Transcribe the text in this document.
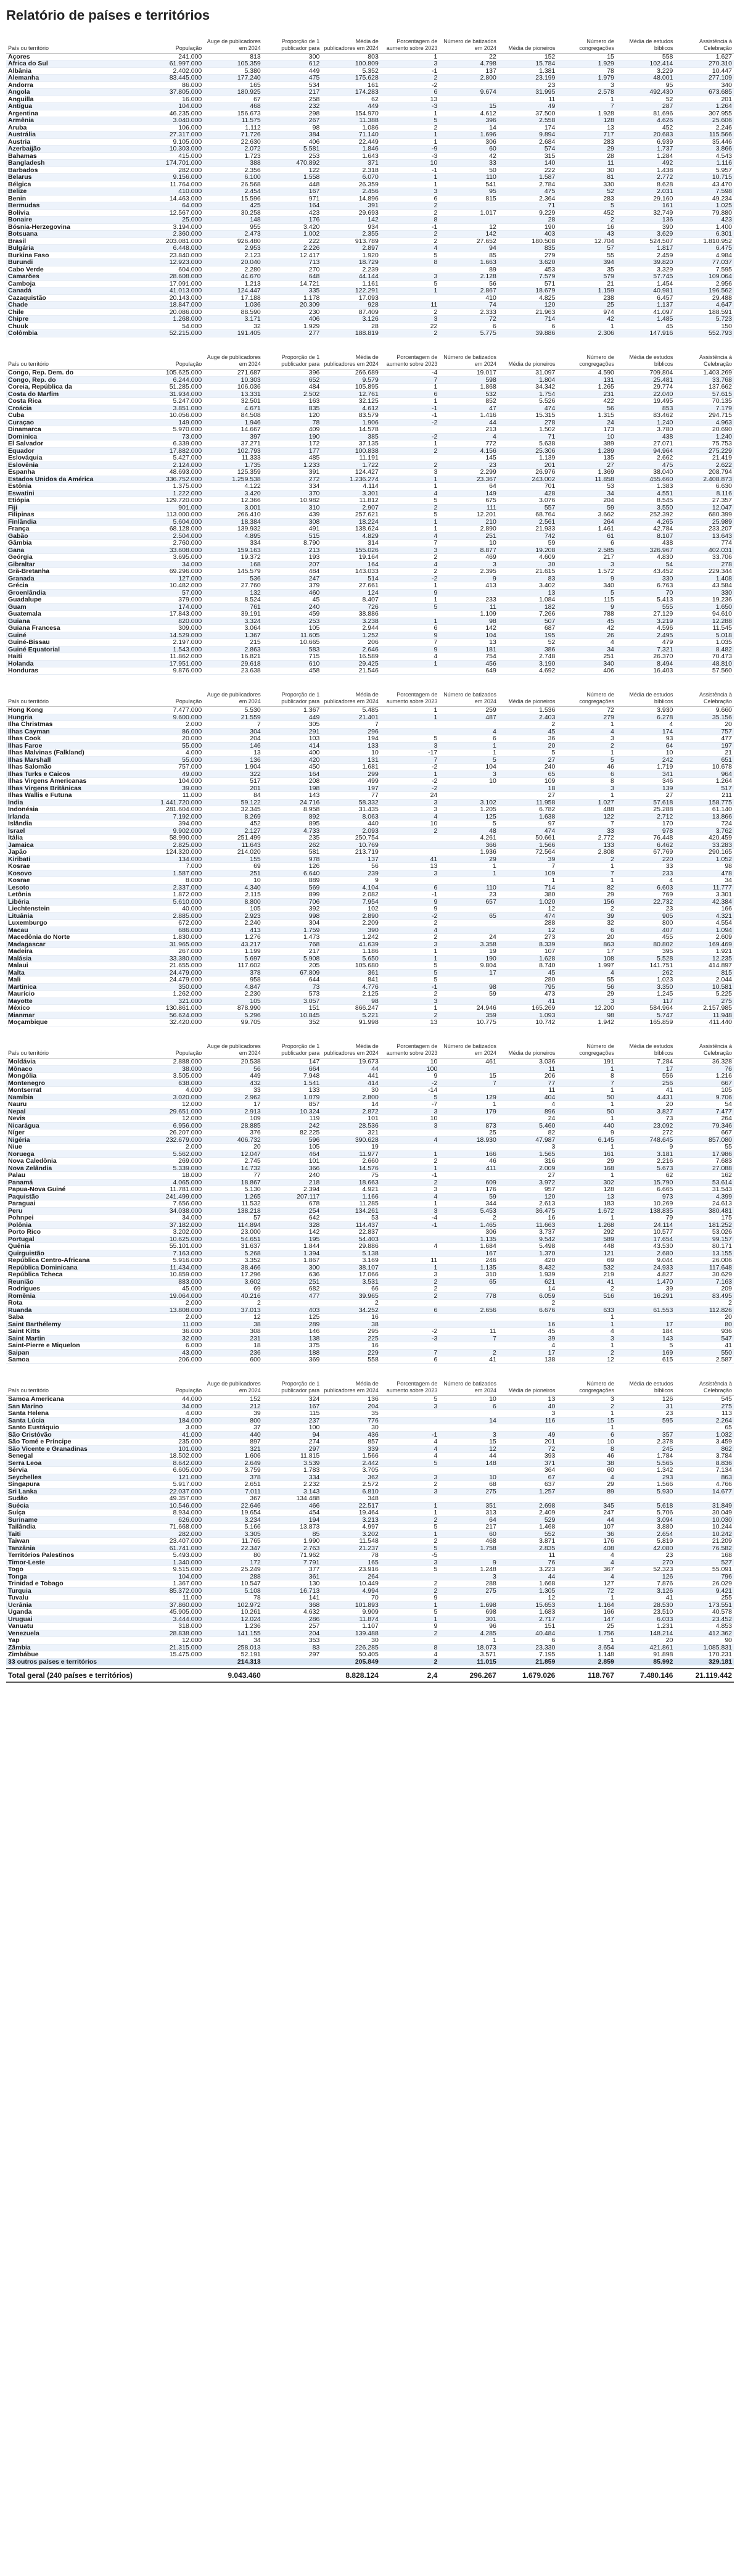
Relatório de países e territórios
País ou território	População	Auge de publicadores em 2024	Proporção de 1 publicador para	Média de publicadores em 2024	Porcentagem de aumento sobre 2023	Número de batizados em 2024	Média de pioneiros	Número de congregações	Média de estudos bíblicos	Assistência à Celebração
Açores	241.000	813	300	803	1	22	152	15	558	1.627
África do Sul	61.997.000	105.359	612	100.809	3	4.798	15.784	1.929	102.414	270.310
Albânia	2.402.000	5.380	449	5.352	-1	137	1.381	78	3.229	10.447
Alemanha	83.445.000	177.240	475	175.628	2	2.800	23.199	1.979	48.001	277.109
Andorra	86.000	165	534	161	-2		23	3	95	340
Angola	37.805.000	180.925	217	174.283	6	9.674	31.995	2.578	492.430	673.685
Anguilla	16.000	67	258	62	13		11	1	52	201
Antígua	104.000	468	232	449	-3	15	49	7	287	1.264
Argentina	46.235.000	156.673	298	154.970	1	4.612	37.500	1.928	81.696	307.955
Armênia	3.040.000	11.575	267	11.388	5	396	2.558	128	4.626	25.606
Aruba	106.000	1.112	98	1.086	2	14	174	13	452	2.246
Austrália	27.317.000	71.726	384	71.140	1	1.696	9.894	717	20.683	115.566
Áustria	9.105.000	22.630	406	22.449	1	306	2.684	283	6.939	35.446
Azerbaijão	10.303.000	2.072	5.581	1.846	-9	60	574	29	1.737	3.866
Bahamas	415.000	1.723	253	1.643	-3	42	315	28	1.284	4.543
Bangladesh	174.701.000	388	470.892	371	10	33	140	11	492	1.116
Barbados	282.000	2.356	122	2.318	-1	50	222	30	1.438	5.957
Belarus	9.156.000	6.100	1.558	6.070	1	110	1.587	81	2.772	10.715
Bélgica	11.764.000	26.568	448	26.359	1	541	2.784	330	8.628	43.470
Belize	410.000	2.454	167	2.456	3	95	475	52	2.031	7.598
Benin	14.463.000	15.596	971	14.896	6	815	2.364	283	29.160	49.234
Bermudas	64.000	425	164	391	2		71	5	161	1.025
Bolívia	12.567.000	30.258	423	29.693	2	1.017	9.229	452	32.749	79.880
Bonaire	25.000	148	176	142	8		28	2	136	423
Bósnia-Herzegovina	3.194.000	955	3.420	934	-1	12	190	16	390	1.400
Botsuana	2.360.000	2.473	1.002	2.355	2	142	403	43	3.629	6.301
Brasil	203.081.000	926.480	222	913.789	2	27.652	180.508	12.704	524.507	1.810.952
Bulgária	6.448.000	2.953	2.226	2.897	4	94	835	57	1.817	6.475
Burkina Faso	23.840.000	2.123	12.417	1.920	5	85	279	55	2.459	4.984
Burundi	12.923.000	20.040	713	18.729	8	1.663	3.620	394	39.820	77.037
Cabo Verde	604.000	2.280	270	2.239		89	453	35	3.329	7.595
Camarões	28.608.000	44.670	648	44.144	3	2.128	7.579	579	57.745	109.064
Camboja	17.091.000	1.213	14.721	1.161	5	56	571	21	1.454	2.956
Canadá	41.013.000	124.447	335	122.291	1	2.867	18.679	1.159	40.981	196.562
Cazaquistão	20.143.000	17.188	1.178	17.093		410	4.825	238	6.457	29.488
Chade	18.847.000	1.036	20.309	928	11	74	120	25	1.137	4.647
Chile	20.086.000	88.590	230	87.409	2	2.333	21.963	974	41.097	188.591
Chipre	1.268.000	3.171	406	3.126	3	72	714	42	1.485	5.723
Chuuk	54.000	32	1.929	28	22	6	6	1	45	150
Colômbia	52.215.000	191.405	277	188.819	2	5.775	39.886	2.306	147.916	552.793
País ou território	População	Auge de publicadores em 2024	Proporção de 1 publicador para	Média de publicadores em 2024	Porcentagem de aumento sobre 2023	Número de batizados em 2024	Média de pioneiros	Número de congregações	Média de estudos bíblicos	Assistência à Celebração
Congo, Rep. Dem. do	105.625.000	271.687	396	266.689	-4	19.017	31.097	4.590	709.804	1.403.269
Congo, Rep. do	6.244.000	10.303	652	9.579	7	598	1.804	131	25.481	33.768
Coreia, República da	51.285.000	106.036	484	105.895	1	1.868	34.342	1.265	29.774	137.662
Costa do Marfim	31.934.000	13.331	2.502	12.761	6	532	1.754	231	22.040	57.615
Costa Rica	5.247.000	32.501	163	32.125	1	852	5.526	422	19.495	70.135
Croácia	3.851.000	4.671	835	4.612	-1	47	474	56	853	7.179
Cuba	10.056.000	84.508	120	83.579	-1	1.416	15.315	1.315	83.462	294.715
Curaçao	149.000	1.946	78	1.906	-2	44	278	24	1.240	4.963
Dinamarca	5.970.000	14.667	409	14.578		213	1.502	173	3.780	20.690
Dominica	73.000	397	190	385	-2	4	71	10	438	1.240
El Salvador	6.339.000	37.271	172	37.135	1	772	5.638	389	27.071	75.753
Equador	17.882.000	102.793	177	100.838	2	4.156	25.306	1.289	94.964	275.229
Eslováquia	5.427.000	11.333	485	11.191		145	1.139	135	2.662	21.419
Eslovênia	2.124.000	1.735	1.233	1.722	2	23	201	27	475	2.622
Espanha	48.693.000	125.359	391	124.427	3	2.299	26.976	1.369	38.040	208.794
Estados Unidos da América	336.752.000	1.259.538	272	1.236.274	1	23.367	243.002	11.858	455.660	2.408.873
Estônia	1.375.000	4.122	334	4.114	1	64	701	53	1.383	6.630
Eswatini	1.222.000	3.420	370	3.301	4	149	428	34	4.551	8.116
Etiópia	129.720.000	12.366	10.982	11.812	5	675	3.076	204	8.545	27.357
Fiji	901.000	3.001	310	2.907	2	111	557	59	3.550	12.047
Filipinas	113.000.000	266.410	439	257.621	5	12.201	68.764	3.662	252.392	680.399
Finlândia	5.604.000	18.384	308	18.224	1	210	2.561	264	4.265	25.989
França	68.128.000	139.932	491	138.624	1	2.890	21.933	1.461	42.784	233.207
Gabão	2.504.000	4.895	515	4.829	4	251	742	61	8.107	13.643
Gâmbia	2.760.000	334	8.790	314	7	10	59	6	438	774
Gana	33.608.000	159.163	213	155.026	3	8.877	19.208	2.585	326.967	402.031
Geórgia	3.695.000	19.372	193	19.164	2	469	4.609	217	4.830	33.706
Gibraltar	34.000	168	207	164	4	3	30	3	54	278
Grã-Bretanha	69.296.000	145.579	484	143.033	2	2.395	21.615	1.572	43.452	229.344
Granada	127.000	536	247	514	-2	9	83	9	330	1.408
Grécia	10.482.000	27.760	379	27.661	1	413	3.402	340	6.763	43.584
Groenlândia	57.000	132	460	124	9		13	5	70	330
Guadalupe	379.000	8.524	45	8.407	1	233	1.084	115	5.413	19.236
Guam	174.000	761	240	726	5	11	182	9	555	1.650
Guatemala	17.843.000	39.191	459	38.886		1.109	7.266	788	27.129	94.610
Guiana	820.000	3.324	253	3.238	1	98	507	45	3.219	12.288
Guiana Francesa	309.000	3.064	105	2.944	6	142	687	42	4.596	11.545
Guiné	14.529.000	1.367	11.605	1.252	9	104	195	26	2.495	5.018
Guiné-Bissau	2.197.000	215	10.665	206	7	13	52	4	479	1.035
Guiné Equatorial	1.543.000	2.863	583	2.646	9	181	386	34	7.321	8.482
Haiti	11.862.000	16.821	715	16.589	4	754	2.748	251	26.370	70.473
Holanda	17.951.000	29.618	610	29.425	1	456	3.190	340	8.494	48.810
Honduras	9.876.000	23.638	458	21.546		649	4.692	406	16.403	57.560
País ou território	População	Auge de publicadores em 2024	Proporção de 1 publicador para	Média de publicadores em 2024	Porcentagem de aumento sobre 2023	Número de batizados em 2024	Média de pioneiros	Número de congregações	Média de estudos bíblicos	Assistência à Celebração
Hong Kong	7.477.000	5.530	1.367	5.485	1	259	1.536	72	3.930	9.660
Hungria	9.600.000	21.559	449	21.401	1	487	2.403	279	6.278	35.156
Ilha Christmas	2.000	7	305	7			2	1	4	20
Ilhas Cayman	86.000	304	291	296		4	45	4	174	757
Ilhas Cook	20.000	204	103	194	5	6	36	3	93	477
Ilhas Faroe	55.000	146	414	133	3	1	20	2	64	197
Ilhas Malvinas (Falkland)	4.000	13	400	10	-17	1	5	1	10	21
Ilhas Marshall	55.000	136	420	131	7	5	27	5	242	651
Ilhas Salomão	757.000	1.904	450	1.681	-2	104	240	46	1.719	10.678
Ilhas Turks e Caicos	49.000	322	164	299	1	3	65	6	341	964
Ilhas Virgens Americanas	104.000	517	208	499	-2	10	109	8	346	1.264
Ilhas Virgens Britânicas	39.000	201	198	197	-2		18	3	139	517
Ilhas Wallis e Futuna	11.000	84	143	77	24		27	1	27	211
Índia	1.441.720.000	59.122	24.716	58.332	3	3.102	11.958	1.027	57.618	158.775
Indonésia	281.604.000	32.345	8.958	31.435	3	1.205	6.782	488	25.288	61.140
Irlanda	7.192.000	8.269	892	8.063	4	125	1.638	122	2.712	13.866
Islândia	394.000	452	895	440	10	5	97	7	170	724
Israel	9.902.000	2.127	4.733	2.093	2	48	474	33	978	3.762
Itália	58.990.000	251.499	235	250.754		4.261	50.661	2.772	76.448	420.459
Jamaica	2.825.000	11.643	262	10.769		366	1.566	133	6.462	33.283
Japão	124.320.000	214.020	581	213.719		1.936	72.564	2.808	67.769	290.165
Kiribati	134.000	155	978	137	41	29	39	2	220	1.052
Kosrae	7.000	69	126	56	13	1	7	1	33	98
Kosovo	1.587.000	251	6.640	239	3	1	109	7	233	478
Kosrae	8.000	10	889	9			1	1	4	34
Lesoto	2.337.000	4.340	569	4.104	6	110	714	82	6.603	11.777
Letônia	1.872.000	2.115	899	2.082	-1	23	380	29	769	3.301
Libéria	5.610.000	8.800	706	7.954	9	657	1.020	156	22.732	42.384
Liechtenstein	40.000	105	392	102	9		12	2	23	166
Lituânia	2.885.000	2.923	998	2.890	-2	65	474	39	905	4.321
Luxemburgo	672.000	2.240	304	2.209	2		288	32	800	4.554
Macau	686.000	413	1.759	390	4		12	6	407	1.094
Macedônia do Norte	1.830.000	1.276	1.473	1.242	2	24	273	20	455	2.609
Madagascar	31.965.000	43.217	768	41.639	3	3.358	8.339	863	80.802	169.469
Madeira	267.000	1.199	217	1.186	1	19	107	17	395	1.921
Malásia	33.380.000	5.697	5.908	5.650	1	190	1.628	108	5.528	12.235
Malaui	21.655.000	117.602	205	105.680	5	9.804	8.740	1.997	141.751	414.897
Malta	24.479.000	378	67.809	361	5	17	45	4	262	815
Mali	24.479.000	958	644	841	5		280	55	1.023	2.044
Martinica	350.000	4.847	73	4.776	-1	98	795	56	3.350	10.581
Maurício	1.262.000	2.230	573	2.125	2	59	473	29	1.245	5.225
Mayotte	321.000	105	3.057	98	3		41	3	117	275
México	130.861.000	878.990	151	866.247	1	24.946	165.269	12.200	584.964	2.157.985
Mianmar	56.624.000	5.296	10.845	5.221	2	359	1.093	98	5.747	11.948
Moçambique	32.420.000	99.705	352	91.998	13	10.775	10.742	1.942	165.859	411.440
País ou território	População	Auge de publicadores em 2024	Proporção de 1 publicador para	Média de publicadores em 2024	Porcentagem de aumento sobre 2023	Número de batizados em 2024	Média de pioneiros	Número de congregações	Média de estudos bíblicos	Assistência à Celebração
Moldávia	2.888.000	20.538	147	19.673	10	461	3.036	191	7.284	36.328
Mônaco	38.000	56	664	44	100		11	1	17	76
Mongólia	3.505.000	449	7.948	441	9	15	206	8	556	1.216
Montenegro	638.000	432	1.541	414	-2	7	77	7	256	667
Montserrat	4.000	33	133	30	-14		11	1	41	105
Namíbia	3.020.000	2.962	1.079	2.800	5	129	404	50	4.431	9.706
Nauru	12.000	17	857	14	-7	1	4	1	20	54
Nepal	29.651.000	2.913	10.324	2.872	3	179	896	50	3.827	7.477
Nevis	12.000	109	119	101	10		24	1	73	264
Nicarágua	6.956.000	28.885	242	28.536	3	873	5.460	440	23.092	79.346
Níger	26.207.000	376	82.225	321		25	82	9	272	667
Nigéria	232.679.000	406.732	596	390.628	4	18.930	47.987	6.145	748.645	857.080
Niue	2.000	20	105	19			3	1	9	55
Noruega	5.562.000	12.047	464	11.977	1	166	1.565	161	3.181	17.986
Nova Caledônia	269.000	2.745	101	2.660	2	46	316	29	2.216	7.683
Nova Zelândia	5.339.000	14.732	366	14.576	1	411	2.009	168	5.673	27.088
Palau	18.000	77	240	75	-1		27	1	62	162
Panamá	4.065.000	18.867	218	18.663	2	609	3.972	302	15.790	53.614
Papua-Nova Guiné	11.781.000	5.130	2.394	4.921	3	176	957	128	6.665	31.543
Paquistão	241.499.000	1.265	207.117	1.166	4	59	120	13	973	4.399
Paraguai	7.656.000	11.532	678	11.285	1	344	2.613	183	10.269	24.613
Peru	34.038.000	138.218	254	134.261	3	5.453	36.475	1.672	138.835	380.481
Pohnpei	34.000	57	642	53	-4	2	16	1	79	175
Polônia	37.182.000	114.894	328	114.437	-1	1.465	11.663	1.268	24.114	181.252
Porto Rico	3.202.000	23.000	142	22.837		306	3.737	292	10.577	53.026
Portugal	10.625.000	54.651	195	54.403		1.135	9.542	589	17.654	99.157
Quênia	55.101.000	31.637	1.844	29.886	4	1.684	5.498	448	43.530	80.171
Quirguistão	7.163.000	5.268	1.394	5.138		167	1.370	121	2.680	13.155
República Centro-Africana	5.916.000	3.352	1.867	3.169	11	246	420	69	9.044	26.006
República Dominicana	11.434.000	38.466	300	38.107	1	1.135	8.432	532	24.933	117.648
República Tcheca	10.859.000	17.296	636	17.066	3	310	1.939	219	4.827	30.629
Reunião	883.000	3.602	251	3.531	2	65	621	41	1.470	7.163
Rodrigues	45.000	69	682	66	2		14	2	39	209
Romênia	19.064.000	40.216	477	39.965	2	778	6.059	516	16.291	83.495
Rota	2.000	2		2			2			2
Ruanda	13.808.000	37.013	403	34.252	6	2.656	6.676	633	61.553	112.826
Saba	2.000	12	125	16				1		20
Saint Barthélemy	11.000	38	289	38			16	1	17	80
Saint Kitts	36.000	308	146	295	-2	11	45	4	184	936
Saint Martin	32.000	231	138	225	-3	7	39	3	143	547
Saint-Pierre e Miquelon	6.000	18	375	16			4	1	5	41
Saipan	43.000	236	188	229	7	2	17	2	169	550
Samoa	206.000	600	369	558	6	41	138	12	615	2.587
País ou território	População	Auge de publicadores em 2024	Proporção de 1 publicador para	Média de publicadores em 2024	Porcentagem de aumento sobre 2023	Número de batizados em 2024	Média de pioneiros	Número de congregações	Média de estudos bíblicos	Assistência à Celebração
Samoa Americana	44.000	152	324	136	5	10	13	3	126	545
San Marino	34.000	212	167	204	3	6	40	2	31	275
Santa Helena	4.000	39	115	35			3	1	23	113
Santa Lúcia	184.000	800	237	776		14	116	15	595	2.264
Santo Eustáquio	3.000	37	100	30				1		65
São Cristóvão	41.000	440	94	436	-1	3	49	6	357	1.032
São Tomé e Príncipe	235.000	897	274	857	4	15	201	10	2.378	3.459
São Vicente e Granadinas	101.000	321	297	339	4	12	72	8	245	862
Senegal	18.502.000	1.606	11.815	1.566	4	44	393	46	1.784	3.784
Serra Leoa	8.642.000	2.649	3.539	2.442	5	148	371	38	5.565	8.836
Sérvia	6.605.000	3.759	1.783	3.705			364	60	1.342	7.134
Seychelles	121.000	378	334	362	3	10	67	4	293	863
Singapura	5.917.000	2.651	2.232	2.572	2	68	637	29	1.566	4.766
Sri Lanka	22.037.000	7.011	3.143	6.810	3	275	1.257	89	5.930	14.677
Sudão	49.357.000	367	134.488	348						
Suécia	10.546.000	22.646	466	22.517	1	351	2.698	345	5.618	31.849
Suíça	8.934.000	19.654	454	19.464	1	313	2.409	247	5.706	30.049
Suriname	626.000	3.234	194	3.213	2	64	529	44	3.094	10.030
Tailândia	71.668.000	5.166	13.873	4.997	5	217	1.468	107	3.880	10.244
Taiti	282.000	3.305	85	3.202	1	60	552	36	2.654	10.242
Taiwan	23.407.000	11.765	1.990	11.548	2	468	3.871	176	5.819	21.209
Tanzânia	61.741.000	22.347	2.763	21.237	5	1.758	2.835	408	42.080	76.582
Territórios Palestinos	5.493.000	80	71.962	78	-5		11	4	23	168
Timor-Leste	1.340.000	172	7.791	165	3	9	76	4	270	527
Togo	9.515.000	25.249	377	23.916	5	1.248	3.223	367	52.323	55.091
Tonga	104.000	288	361	264		3	44	4	126	796
Trinidad e Tobago	1.367.000	10.547	130	10.449	2	288	1.668	127	7.876	26.029
Turquia	85.372.000	5.108	16.713	4.994	2	275	1.305	72	3.126	9.421
Tuvalu	11.000	78	141	70	9		12	1	41	255
Ucrânia	37.860.000	102.972	368	101.893	1	1.698	15.653	1.164	28.530	173.551
Uganda	45.905.000	10.261	4.632	9.909	5	698	1.683	166	23.510	40.578
Uruguai	3.444.000	12.024	286	11.874	1	301	2.717	147	6.033	23.452
Vanuatu	318.000	1.236	257	1.107	9	96	151	25	1.231	4.853
Venezuela	28.838.000	141.155	204	139.488	2	4.285	40.484	1.756	148.214	412.362
Yap	12.000	34	353	30		1	6	1	20	90
Zâmbia	21.315.000	258.013	83	226.285	8	18.073	23.330	3.654	421.861	1.085.831
Zimbábue	15.475.000	52.191	297	50.405	4	3.571	7.195	1.148	91.898	170.231
33 outros países e territórios		214.313		205.849	2	11.015	21.859	2.859	85.992	329.181
Total geral (240 países e territórios)		9.043.460		8.828.124	2,4	296.267	1.679.026	118.767	7.480.146	21.119.442
